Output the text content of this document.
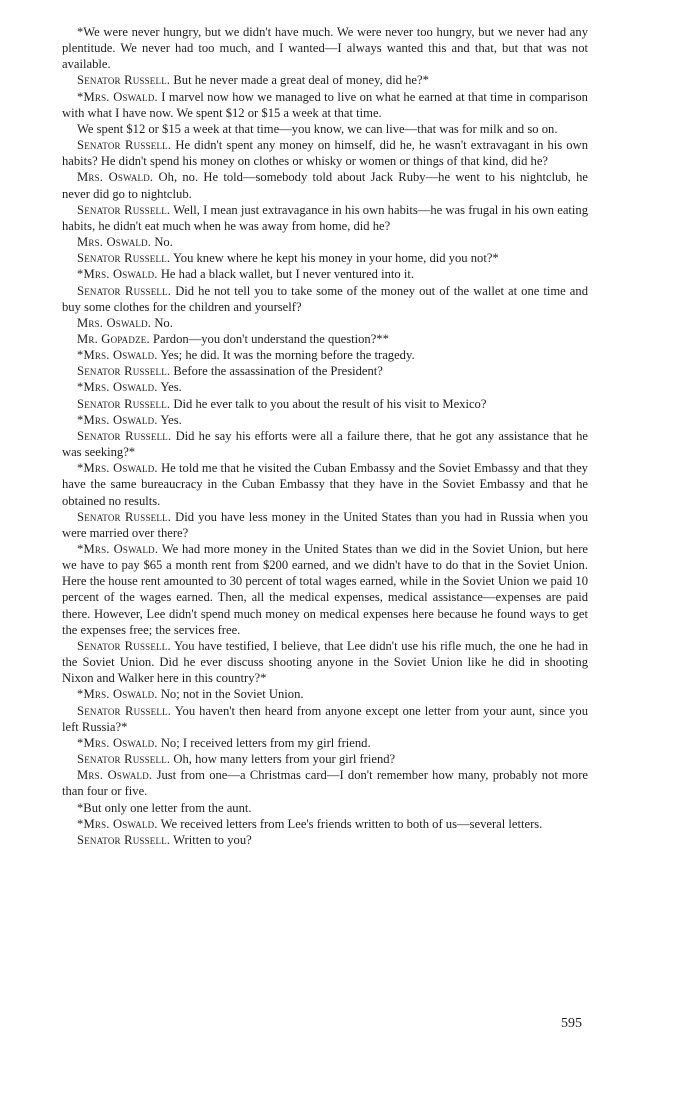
*We were never hungry, but we didn't have much. We were never too hungry, but we never had any plentitude. We never had too much, and I wanted—I always wanted this and that, but that was not available.

Senator Russell. But he never made a great deal of money, did he?*

*Mrs. Oswald. I marvel now how we managed to live on what he earned at that time in comparison with what I have now. We spent $12 or $15 a week at that time.

We spent $12 or $15 a week at that time—you know, we can live—that was for milk and so on.

Senator Russell. He didn't spent any money on himself, did he, he wasn't extravagant in his own habits? He didn't spend his money on clothes or whisky or women or things of that kind, did he?

Mrs. Oswald. Oh, no. He told—somebody told about Jack Ruby—he went to his nightclub, he never did go to nightclub.

Senator Russell. Well, I mean just extravagance in his own habits—he was frugal in his own eating habits, he didn't eat much when he was away from home, did he?

Mrs. Oswald. No.

Senator Russell. You knew where he kept his money in your home, did you not?*

*Mrs. Oswald. He had a black wallet, but I never ventured into it.

Senator Russell. Did he not tell you to take some of the money out of the wallet at one time and buy some clothes for the children and yourself?

Mrs. Oswald. No.

Mr. Gopadze. Pardon—you don't understand the question?**

*Mrs. Oswald. Yes; he did. It was the morning before the tragedy.

Senator Russell. Before the assassination of the President?

*Mrs. Oswald. Yes.

Senator Russell. Did he ever talk to you about the result of his visit to Mexico?

*Mrs. Oswald. Yes.

Senator Russell. Did he say his efforts were all a failure there, that he got any assistance that he was seeking?*

*Mrs. Oswald. He told me that he visited the Cuban Embassy and the Soviet Embassy and that they have the same bureaucracy in the Cuban Embassy that they have in the Soviet Embassy and that he obtained no results.

Senator Russell. Did you have less money in the United States than you had in Russia when you were married over there?

*Mrs. Oswald. We had more money in the United States than we did in the Soviet Union, but here we have to pay $65 a month rent from $200 earned, and we didn't have to do that in the Soviet Union. Here the house rent amounted to 30 percent of total wages earned, while in the Soviet Union we paid 10 percent of the wages earned. Then, all the medical expenses, medical assistance—expenses are paid there. However, Lee didn't spend much money on medical expenses here because he found ways to get the expenses free; the services free.

Senator Russell. You have testified, I believe, that Lee didn't use his rifle much, the one he had in the Soviet Union. Did he ever discuss shooting anyone in the Soviet Union like he did in shooting Nixon and Walker here in this country?*

*Mrs. Oswald. No; not in the Soviet Union.

Senator Russell. You haven't then heard from anyone except one letter from your aunt, since you left Russia?*

*Mrs. Oswald. No; I received letters from my girl friend.

Senator Russell. Oh, how many letters from your girl friend?

Mrs. Oswald. Just from one—a Christmas card—I don't remember how many, probably not more than four or five.

*But only one letter from the aunt.

*Mrs. Oswald. We received letters from Lee's friends written to both of us—several letters.

Senator Russell. Written to you?

595
